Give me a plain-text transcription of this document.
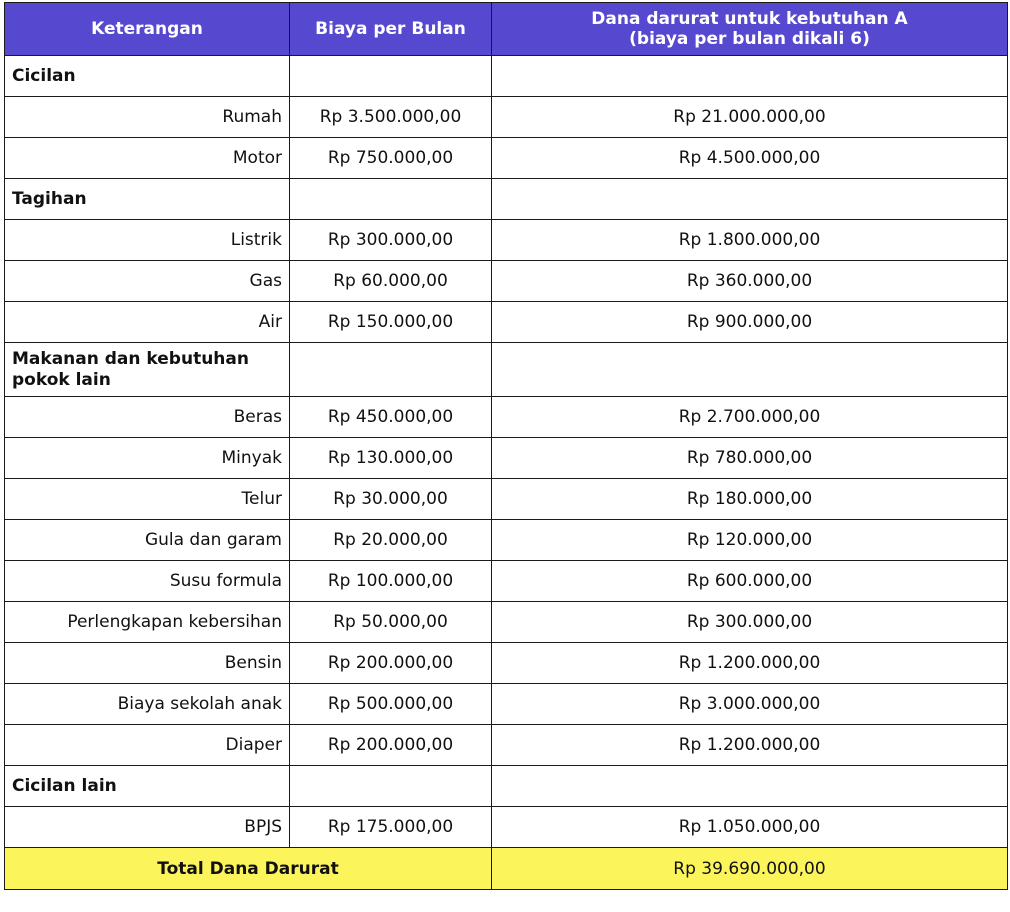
Keterangan	Biaya per Bulan	Dana darurat untuk kebutuhan A
(biaya per bulan dikali 6)
Cicilan		
Rumah	Rp 3.500.000,00	Rp 21.000.000,00
Motor	Rp 750.000,00	Rp 4.500.000,00
Tagihan		
Listrik	Rp 300.000,00	Rp 1.800.000,00
Gas	Rp 60.000,00	Rp 360.000,00
Air	Rp 150.000,00	Rp 900.000,00
Makanan dan kebutuhan
pokok lain		
Beras	Rp 450.000,00	Rp 2.700.000,00
Minyak	Rp 130.000,00	Rp 780.000,00
Telur	Rp 30.000,00	Rp 180.000,00
Gula dan garam	Rp 20.000,00	Rp 120.000,00
Susu formula	Rp 100.000,00	Rp 600.000,00
Perlengkapan kebersihan	Rp 50.000,00	Rp 300.000,00
Bensin	Rp 200.000,00	Rp 1.200.000,00
Biaya sekolah anak	Rp 500.000,00	Rp 3.000.000,00
Diaper	Rp 200.000,00	Rp 1.200.000,00
Cicilan lain		
BPJS	Rp 175.000,00	Rp 1.050.000,00
Total Dana Darurat		Rp 39.690.000,00
